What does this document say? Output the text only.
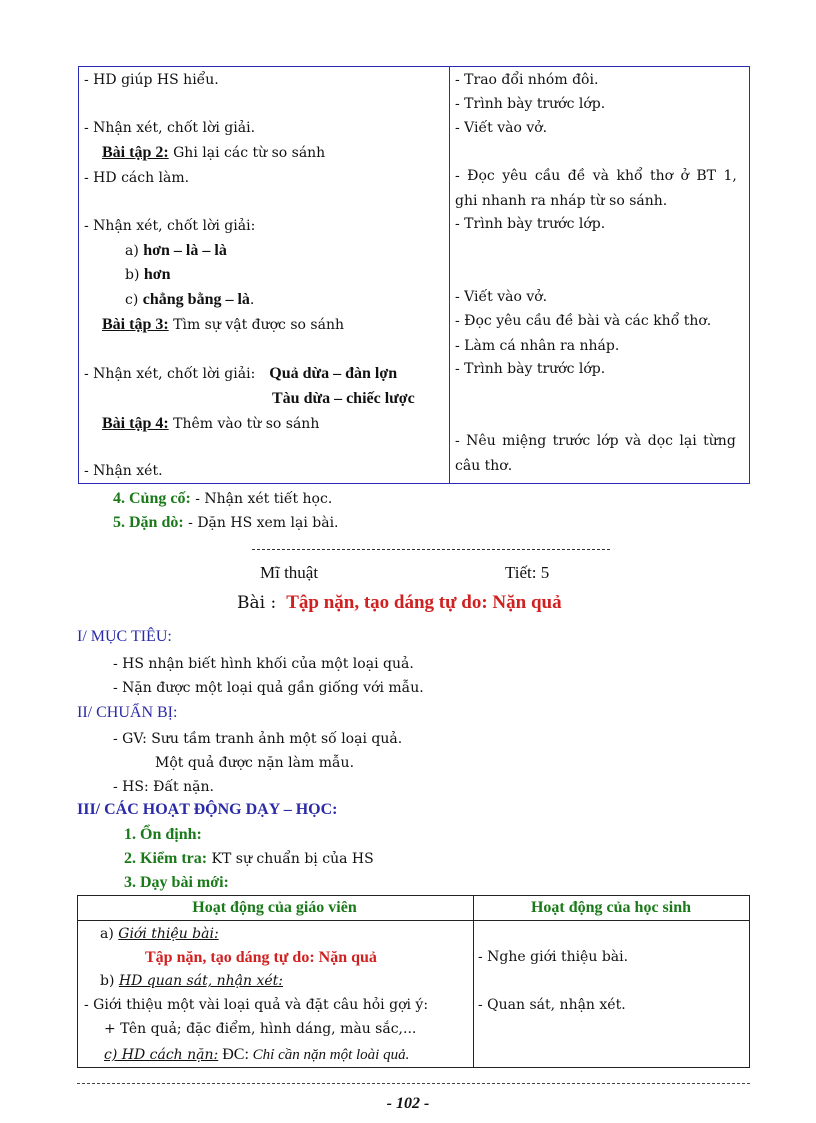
- HD giúp HS hiểu.
- Nhận xét, chốt lời giải.
Bài tập 2: Ghi lại các từ so sánh
- HD cách làm.
- Nhận xét, chốt lời giải:
a) hơn – là – là
b) hơn
c) chẳng bằng – là.
Bài tập 3: Tìm sự vật được so sánh
- Nhận xét, chốt lời giải: Quả dừa – đàn lợn
Tàu dừa – chiếc lược
Bài tập 4: Thêm vào từ so sánh
- Nhận xét.
- Trao đổi nhóm đôi.
- Trình bày trước lớp.
- Viết vào vở.
- Đọc yêu cầu đề và khổ thơ ở BT 1,
ghi nhanh ra nháp từ so sánh.
- Trình bày trước lớp.
- Viết vào vở.
- Đọc yêu cầu đề bài và các khổ thơ.
- Làm cá nhân ra nháp.
- Trình bày trước lớp.
- Nêu miệng trước lớp và dọc lại từng
câu thơ.
4. Củng cố: - Nhận xét tiết học.
5. Dặn dò: - Dặn HS xem lại bài.
Mĩ thuật	Tiết: 5
Bài : Tập nặn, tạo dáng tự do: Nặn quả
I/ MỤC TIÊU:
- HS nhận biết hình khối của một loại quả.
- Nặn được một loại quả gần giống với mẫu.
II/ CHUẨN BỊ:
- GV: Sưu tầm tranh ảnh một số loại quả.
Một quả được nặn làm mẫu.
- HS: Đất nặn.
III/ CÁC HOẠT ĐỘNG DẠY – HỌC:
1. Ổn định:
2. Kiểm tra: KT sự chuẩn bị của HS
3. Dạy bài mới:
Hoạt động của giáo viên	Hoạt động của học sinh
a) Giới thiệu bài:
Tập nặn, tạo dáng tự do: Nặn quả
b) HD quan sát, nhận xét:
- Giới thiệu một vài loại quả và đặt câu hỏi gợi ý:
+ Tên quả; đặc điểm, hình dáng, màu sắc,...
c) HD cách nặn: ĐC: Chỉ cần nặn một loài quả.
- Nghe giới thiệu bài.
- Quan sát, nhận xét.
- 102 -
